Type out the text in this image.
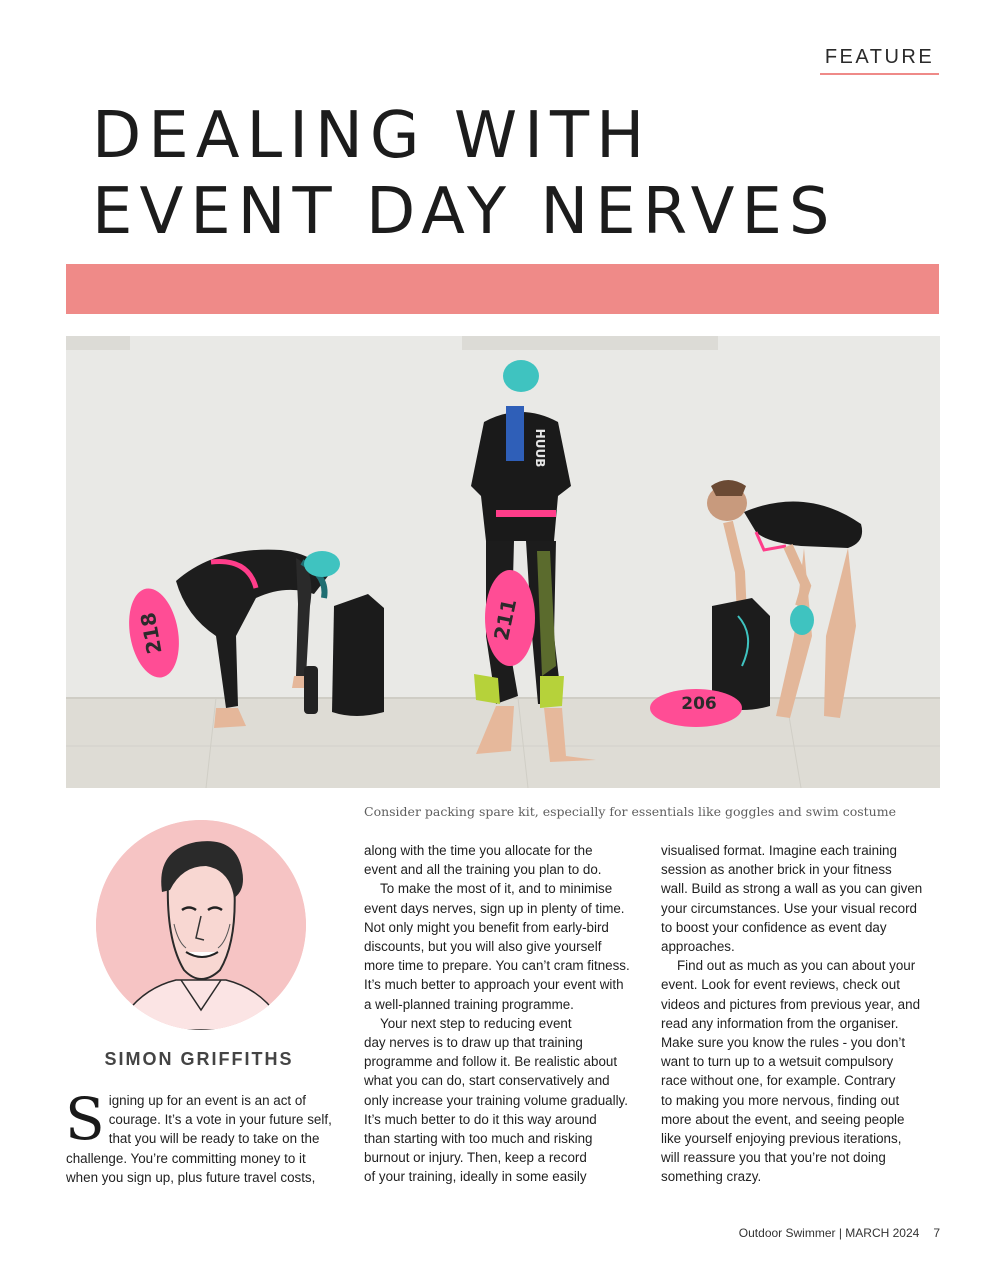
FEATURE
DEALING WITH
EVENT DAY NERVES
218	211
HUUB
206
Consider packing spare kit, especially for essentials like goggles and swim costume
SIMON GRIFFITHS
S igning up for an event is an act of
courage. It’s a vote in your future self,
that you will be ready to take on the
challenge. You’re committing money to it
when you sign up, plus future travel costs,
along with the time you allocate for the
event and all the training you plan to do.
To make the most of it, and to minimise
event days nerves, sign up in plenty of time.
Not only might you benefit from early-bird
discounts, but you will also give yourself
more time to prepare. You can’t cram fitness.
It’s much better to approach your event with
a well-planned training programme.
Your next step to reducing event
day nerves is to draw up that training
programme and follow it. Be realistic about
what you can do, start conservatively and
only increase your training volume gradually.
It’s much better to do it this way around
than starting with too much and risking
burnout or injury. Then, keep a record
of your training, ideally in some easily
visualised format. Imagine each training
session as another brick in your fitness
wall. Build as strong a wall as you can given
your circumstances. Use your visual record
to boost your confidence as event day
approaches.
Find out as much as you can about your
event. Look for event reviews, check out
videos and pictures from previous year, and
read any information from the organiser.
Make sure you know the rules - you don’t
want to turn up to a wetsuit compulsory
race without one, for example. Contrary
to making you more nervous, finding out
more about the event, and seeing people
like yourself enjoying previous iterations,
will reassure you that you’re not doing
something crazy.
Outdoor Swimmer | MARCH 2024 7
